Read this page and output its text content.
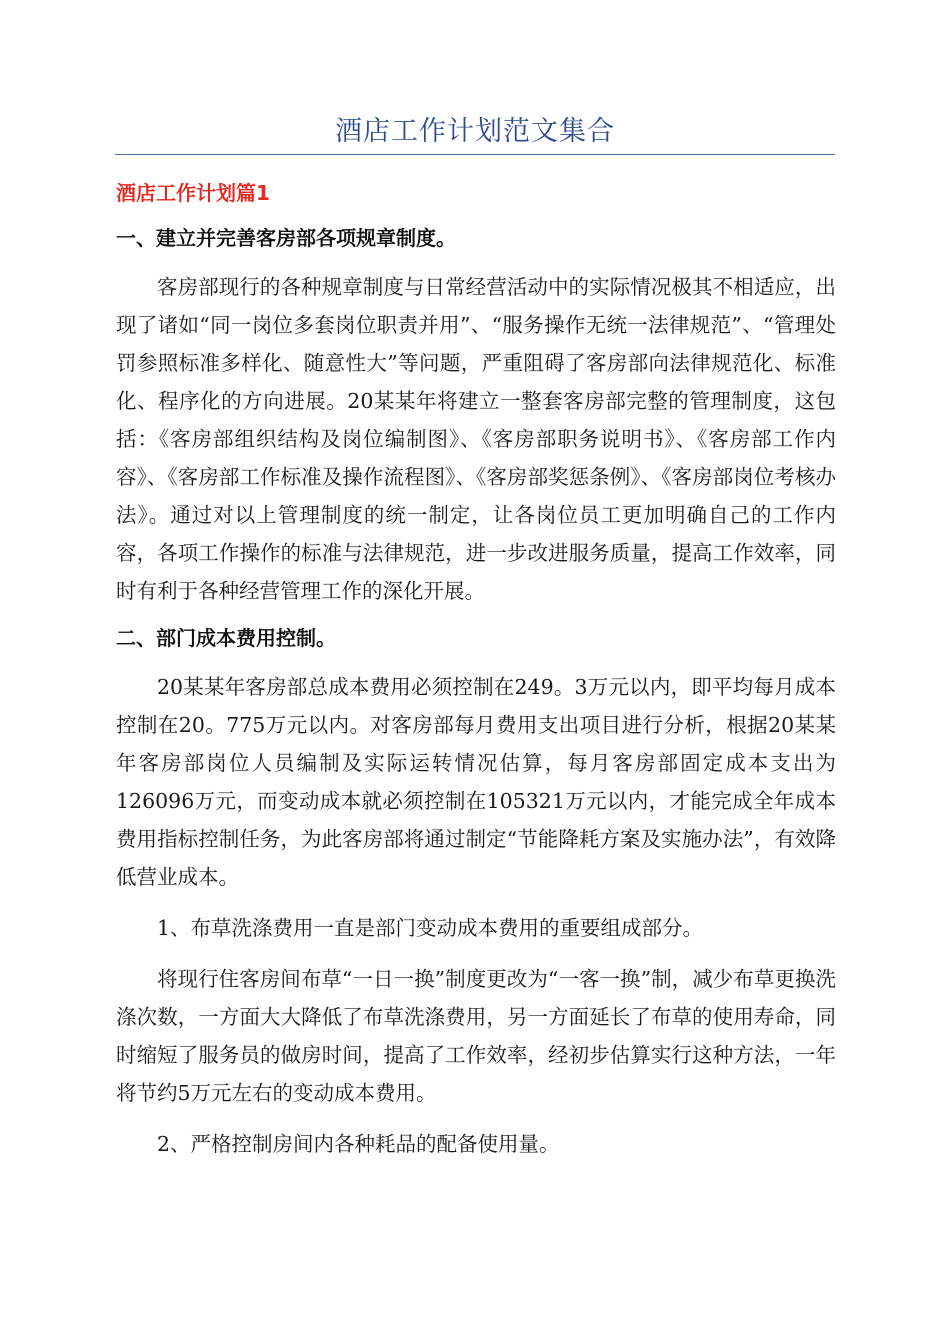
酒店工作计划范文集合
酒店工作计划篇1
一、建立并完善客房部各项规章制度。

客房部现行的各种规章制度与日常经营活动中的实际情况极其不相适应，出现了诸如“同一岗位多套岗位职责并用”、“服务操作无统一法律规范”、“管理处罚参照标准多样化、随意性大”等问题，严重阻碍了客房部向法律规范化、标准化、程序化的方向进展。20某某年将建立一整套客房部完整的管理制度，这包括：《客房部组织结构及岗位编制图》、《客房部职务说明书》、《客房部工作内容》、《客房部工作标准及操作流程图》、《客房部奖惩条例》、《客房部岗位考核办法》。通过对以上管理制度的统一制定，让各岗位员工更加明确自己的工作内容，各项工作操作的标准与法律规范，进一步改进服务质量，提高工作效率，同时有利于各种经营管理工作的深化开展。

二、部门成本费用控制。

20某某年客房部总成本费用必须控制在249。3万元以内，即平均每月成本控制在20。775万元以内。对客房部每月费用支出项目进行分析，根据20某某年客房部岗位人员编制及实际运转情况估算，每月客房部固定成本支出为126096万元，而变动成本就必须控制在105321万元以内，才能完成全年成本费用指标控制任务，为此客房部将通过制定“节能降耗方案及实施办法”，有效降低营业成本。

1、布草洗涤费用一直是部门变动成本费用的重要组成部分。

将现行住客房间布草“一日一换”制度更改为“一客一换”制，减少布草更换洗涤次数，一方面大大降低了布草洗涤费用，另一方面延长了布草的使用寿命，同时缩短了服务员的做房时间，提高了工作效率，经初步估算实行这种方法，一年将节约5万元左右的变动成本费用。

2、严格控制房间内各种耗品的配备使用量。
